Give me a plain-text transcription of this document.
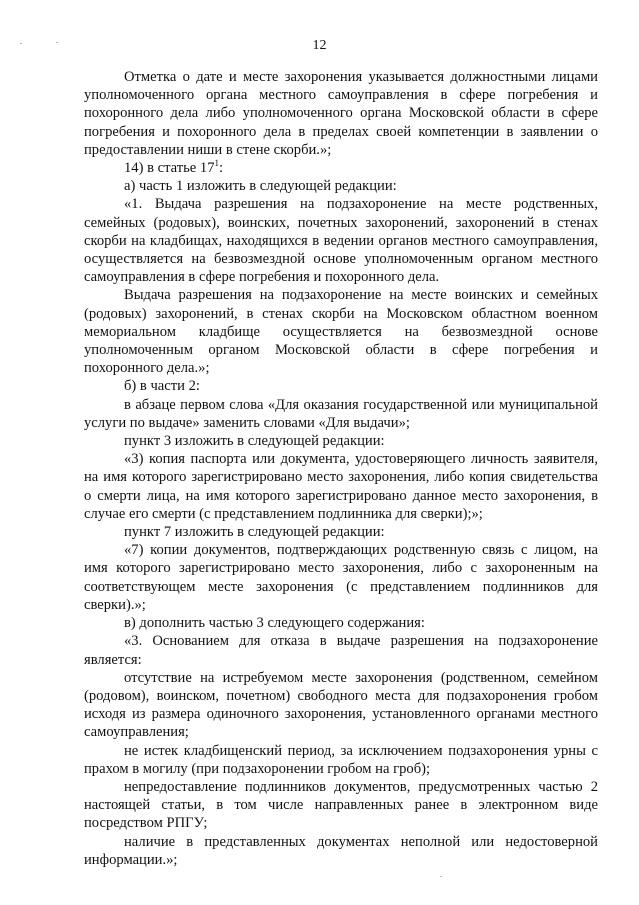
12

Отметка о дате и месте захоронения указывается должностными лицами уполномоченного органа местного самоуправления в сфере погребения и похоронного дела либо уполномоченного органа Московской области в сфере погребения и похоронного дела в пределах своей компетенции в заявлении о предоставлении ниши в стене скорби.»;

14) в статье $17^1$:

а) часть 1 изложить в следующей редакции:

«1. Выдача разрешения на подзахоронение на месте родственных, семейных (родовых), воинских, почетных захоронений, захоронений в стенах скорби на кладбищах, находящихся в ведении органов местного самоуправления, осуществляется на безвозмездной основе уполномоченным органом местного самоуправления в сфере погребения и похоронного дела.

Выдача разрешения на подзахоронение на месте воинских и семейных (родовых) захоронений, в стенах скорби на Московском областном военном мемориальном кладбище осуществляется на безвозмездной основе уполномоченным органом Московской области в сфере погребения и похоронного дела.»;

б) в части 2:

в абзаце первом слова «Для оказания государственной или муниципальной услуги по выдаче» заменить словами «Для выдачи»;

пункт 3 изложить в следующей редакции:

«3) копия паспорта или документа, удостоверяющего личность заявителя, на имя которого зарегистрировано место захоронения, либо копия свидетельства о смерти лица, на имя которого зарегистрировано данное место захоронения, в случае его смерти (с представлением подлинника для сверки);»;

пункт 7 изложить в следующей редакции:

«7) копии документов, подтверждающих родственную связь с лицом, на имя которого зарегистрировано место захоронения, либо с захороненным на соответствующем месте захоронения (с представлением подлинников для сверки).»;

в) дополнить частью 3 следующего содержания:

«3. Основанием для отказа в выдаче разрешения на подзахоронение является:

отсутствие на истребуемом месте захоронения (родственном, семейном (родовом), воинском, почетном) свободного места для подзахоронения гробом исходя из размера одиночного захоронения, установленного органами местного самоуправления;

не истек кладбищенский период, за исключением подзахоронения урны с прахом в могилу (при подзахоронении гробом на гроб);

непредоставление подлинников документов, предусмотренных частью 2 настоящей статьи, в том числе направленных ранее в электронном виде посредством РПГУ;

наличие в представленных документах неполной или недостоверной информации.»;
